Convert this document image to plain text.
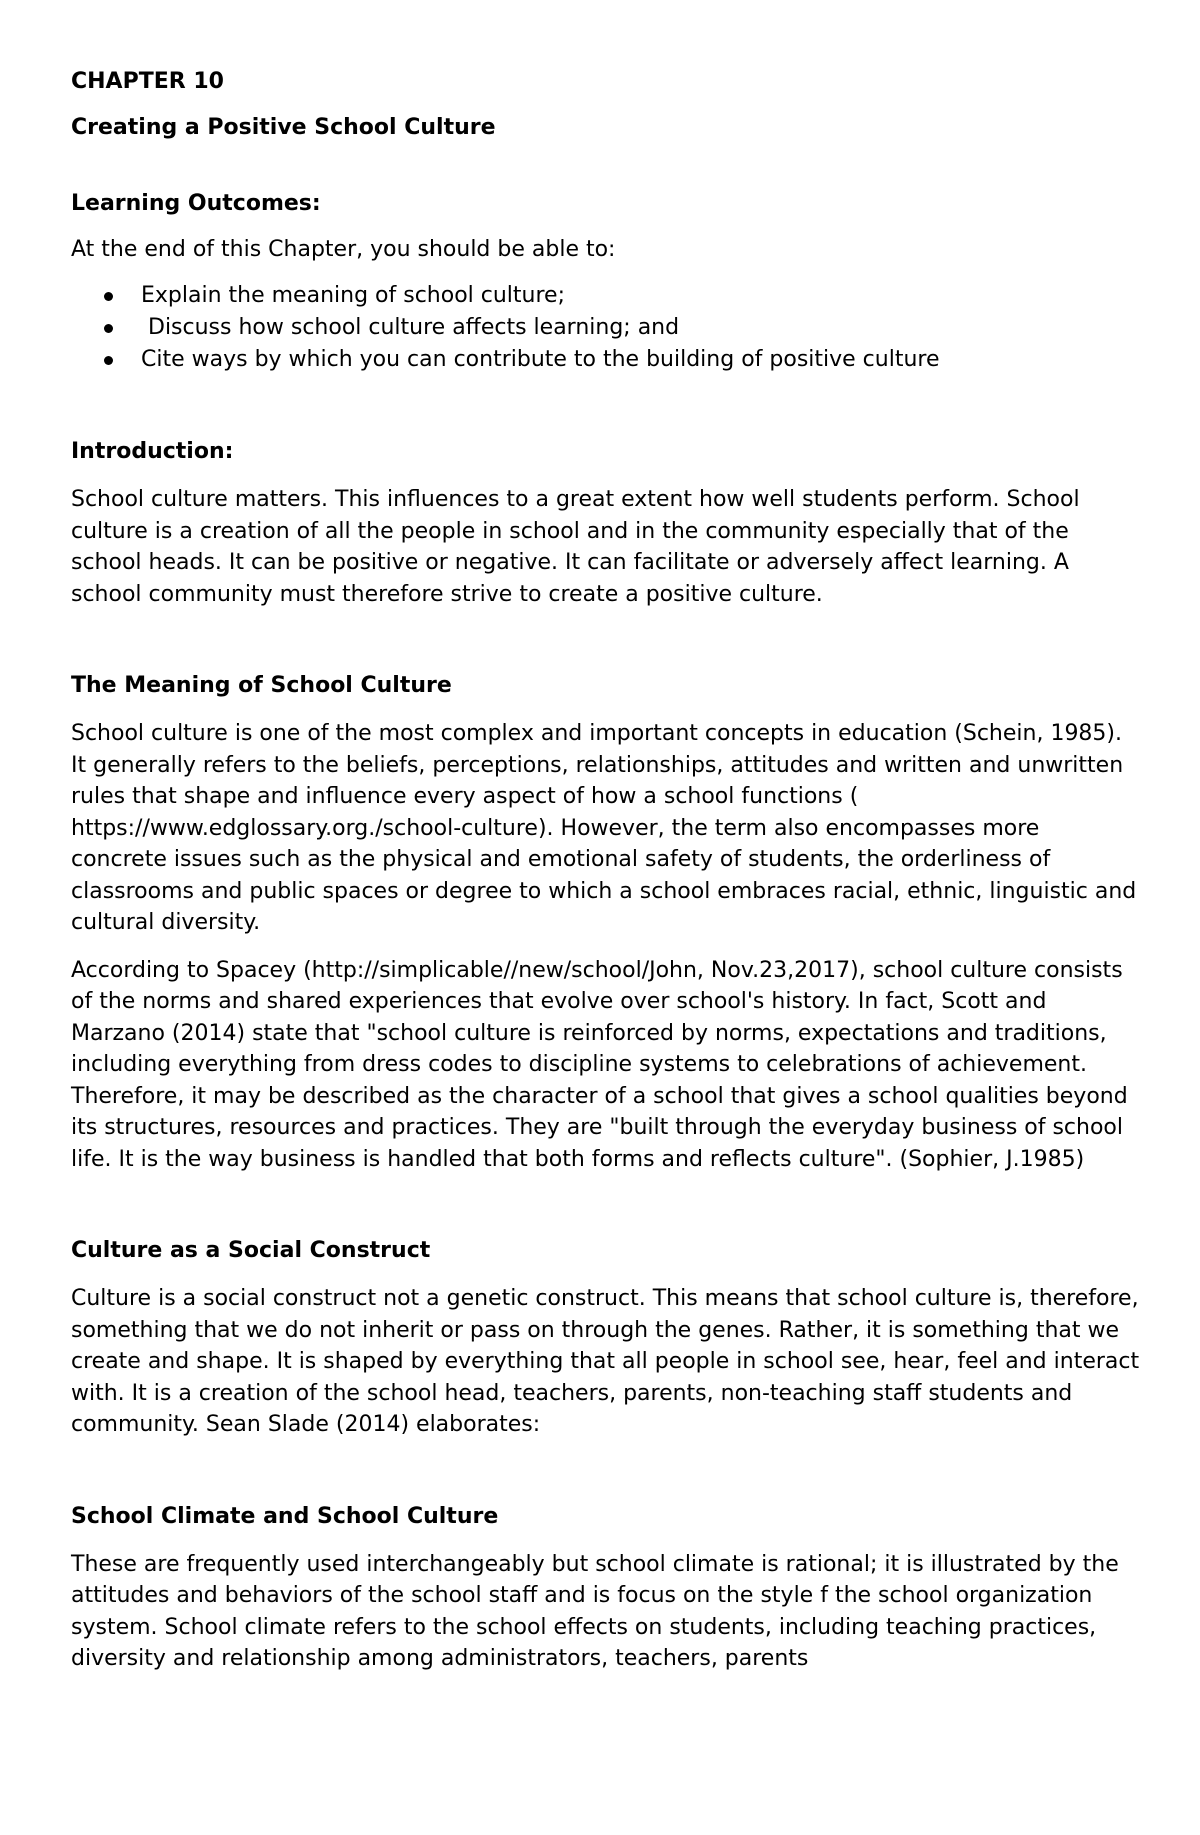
CHAPTER 10
Creating a Positive School Culture
Learning Outcomes:
At the end of this Chapter, you should be able to:
Explain the meaning of school culture;
Discuss how school culture affects learning; and
Cite ways by which you can contribute to the building of positive culture
Introduction:

School culture matters. This influences to a great extent how well students perform. School culture is a creation of all the people in school and in the community especially that of the school heads. It can be positive or negative. It can facilitate or adversely affect learning. A school community must therefore strive to create a positive culture.

The Meaning of School Culture

School culture is one of the most complex and important concepts in education (Schein, 1985). It generally refers to the beliefs, perceptions, relationships, attitudes and written and unwritten rules that shape and influence every aspect of how a school functions ( https://www.edglossary.org./school-culture). However, the term also encompasses more concrete issues such as the physical and emotional safety of students, the orderliness of classrooms and public spaces or degree to which a school embraces racial, ethnic, linguistic and cultural diversity.

According to Spacey (http://simplicable//new/school/John, Nov.23,2017), school culture consists of the norms and shared experiences that evolve over school's history. In fact, Scott and Marzano (2014) state that "school culture is reinforced by norms, expectations and traditions, including everything from dress codes to discipline systems to celebrations of achievement. Therefore, it may be described as the character of a school that gives a school qualities beyond its structures, resources and practices. They are "built through the everyday business of school life. It is the way business is handled that both forms and reflects culture". (Sophier, J.1985)

Culture as a Social Construct

Culture is a social construct not a genetic construct. This means that school culture is, therefore, something that we do not inherit or pass on through the genes. Rather, it is something that we create and shape. It is shaped by everything that all people in school see, hear, feel and interact with. It is a creation of the school head, teachers, parents, non-teaching staff students and community. Sean Slade (2014) elaborates:

School Climate and School Culture

These are frequently used interchangeably but school climate is rational; it is illustrated by the attitudes and behaviors of the school staff and is focus on the style f the school organization system. School climate refers to the school effects on students, including teaching practices, diversity and relationship among administrators, teachers, parents
